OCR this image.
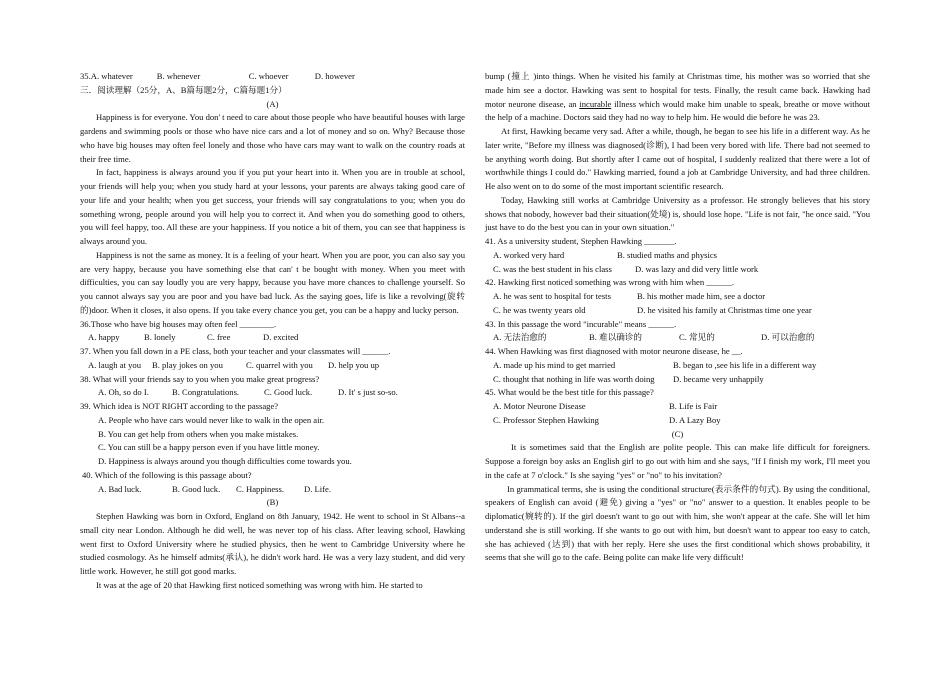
35. A. whatever	B. whenever	C. whoever	D. however

三．阅读理解（25分，A、B篇每题2分，C篇每题1分）

(A)

Happiness is for everyone. You don' t need to care about those people who have beautiful houses with large gardens and swimming pools or those who have nice cars and a lot of money and so on. Why? Because those who have big houses may often feel lonely and those who have cars may want to walk on the country roads at their free time.

In fact, happiness is always around you if you put your heart into it. When you are in trouble at school, your friends will help you; when you study hard at your lessons, your parents are always taking good care of your life and your health; when you get success, your friends will say congratulations to you; when you do something wrong, people around you will help you to correct it. And when you do something good to others, you will feel happy, too. All these are your happiness. If you notice a bit of them, you can see that happiness is always around you.

Happiness is not the same as money. It is a feeling of your heart. When you are poor, you can also say you are very happy, because you have something else that can' t be bought with money. When you meet with difficulties, you can say loudly you are very happy, because you have more chances to challenge yourself. So you cannot always say you are poor and you have bad luck. As the saying goes, life is like a revolving(旋转的)door. When it closes, it also opens. If you take every chance you get, you can be a happy and lucky person.

36.Those who have big houses may often feel ________.

A. happy	B. lonely	C. free	D. excited

37. When you fall down in a PE class, both your teacher and your classmates will ______.

A. laugh at you	B. play jokes on you	C. quarrel with you	D. help you up

38. What will your friends say to you when you make great progress?

A. Oh, so do I.	B. Congratulations.	C. Good luck.	D. It' s just so-so.

39. Which idea is NOT RIGHT according to the passage?

A. People who have cars would never like to walk in the open air.

B. You can get help from others when you make mistakes.

C. You can still be a happy person even if you have little money.

D. Happiness is always around you though difficulties come towards you.

40. Which of the following is this passage about?

A. Bad luck.	B. Good luck.	C. Happiness.	D. Life.

(B)

Stephen Hawking was born in Oxford, England on 8th January, 1942. He went to school in St Albans--a small city near London. Although he did well, he was never top of his class. After leaving school, Hawking went first to Oxford University where he studied physics, then he went to Cambridge University where he studied cosmology. As he himself admits(承认), he didn't work hard. He was a very lazy student, and did very little work. However, he still got good marks.

It was at the age of 20 that Hawking first noticed something was wrong with him. He started to

bump (撞上 )into things. When he visited his family at Christmas time, his mother was so worried that she made him see a doctor. Hawking was sent to hospital for tests. Finally, the result came back. Hawking had motor neurone disease, an incurable illness which would make him unable to speak, breathe or move without the help of a machine. Doctors said they had no way to help him. He would die before he was 23.

At first, Hawking became very sad. After a while, though, he began to see his life in a different way. As he later write, "Before my illness was diagnosed(诊断), I had been very bored with life. There bad not seemed to be anything worth doing. But shortly after I came out of hospital, I suddenly realized that there were a lot of worthwhile things I could do." Hawking married, found a job at Cambridge University, and had three children. He also went on to do some of the most important scientific research.

Today, Hawking still works at Cambridge University as a professor. He strongly believes that his story shows that nobody, however bad their situation(处境) is, should lose hope. "Life is not fair, "he once said. "You just have to do the best you can in your own situation."

41. As a university student, Stephen Hawking _______.

A. worked very hard	B. studied maths and physics
C. was the best student in his class	D. was lazy and did very little work

42. Hawking first noticed something was wrong with him when ______.

A. he was sent to hospital for tests	B. his mother made him, see a doctor
C. he was twenty years old	D. he visited his family at Christmas time one year

43. In this passage the word "incurable" means ______.

A. 无法治愈的	B. 难以确诊的	C. 常见的	D. 可以治愈的

44. When Hawking was first diagnosed with motor neurone disease, he __.

A. made up his mind to get married	B. began to ,see his life in a different way
C. thought that nothing in life was worth doing	D. became very unhappily

45. What would be the best title for this passage?

A. Motor Neurone Disease	B. Life is Fair
C. Professor Stephen Hawking	D. A Lazy Boy

(C)

It is sometimes said that the English are polite people. This can make life difficult for foreigners. Suppose a foreign boy asks an English girl to go out with him and she says, "If I finish my work, I'll meet you in the cafe at 7 o'clock." Is she saying "yes" or "no" to his invitation?

In grammatical terms, she is using the conditional structure(表示条件的句式). By using the conditional, speakers of English can avoid (避免) giving a "yes" or "no" answer to a question. It enables people to be diplomatic(婉转的). If the girl doesn't want to go out with him, she won't appear at the cafe. She will let him understand she is still working. If she wants to go out with him, but doesn't want to appear too easy to catch, she has achieved (达到) that with her reply. Here she uses the first conditional which shows probability, it seems that she will go to the cafe. Being polite can make life very difficult!
